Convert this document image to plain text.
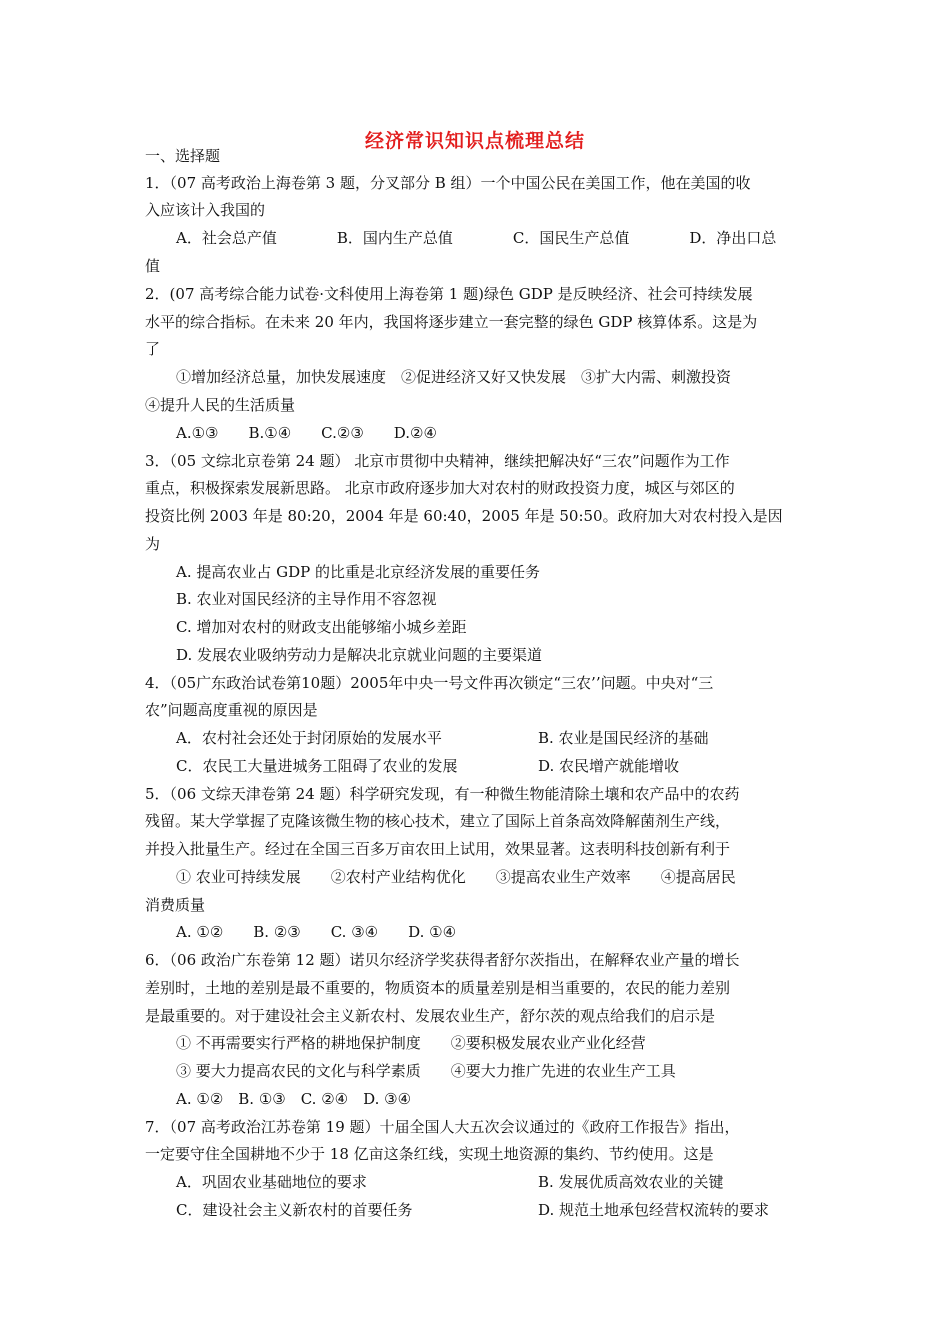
经济常识知识点梳理总结
一、选择题
1．（07 高考政治上海卷第 3 题，分叉部分 B 组）一个中国公民在美国工作，他在美国的收
入应该计入我国的
A．社会总产值　　　　B．国内生产总值　　　　C．国民生产总值　　　　D．净出口总
值
2．(07 高考综合能力试卷·文科使用上海卷第 1 题)绿色 GDP 是反映经济、社会可持续发展
水平的综合指标。在未来 20 年内，我国将逐步建立一套完整的绿色 GDP 核算体系。这是为
了
①增加经济总量，加快发展速度　②促进经济又好又快发展　③扩大内需、刺激投资
④提升人民的生活质量
A.①③　　B.①④　　C.②③　　D.②④
3．（05 文综北京卷第 24 题） 北京市贯彻中央精神，继续把解决好“三农”问题作为工作
重点，积极探索发展新思路。 北京市政府逐步加大对农村的财政投资力度，城区与郊区的
投资比例 2003 年是 80:20，2004 年是 60:40，2005 年是 50:50。政府加大对农村投入是因
为
A. 提高农业占 GDP 的比重是北京经济发展的重要任务
B. 农业对国民经济的主导作用不容忽视
C. 增加对农村的财政支出能够缩小城乡差距
D. 发展农业吸纳劳动力是解决北京就业问题的主要渠道
4．（05广东政治试卷第10题）2005年中央一号文件再次锁定“三农’’问题。中央对“三
农”问题高度重视的原因是
A．农村社会还处于封闭原始的发展水平	B. 农业是国民经济的基础
C．农民工大量进城务工阻碍了农业的发展	D. 农民增产就能增收
5．（06 文综天津卷第 24 题）科学研究发现，有一种微生物能清除土壤和农产品中的农药
残留。某大学掌握了克隆该微生物的核心技术，建立了国际上首条高效降解菌剂生产线，
并投入批量生产。经过在全国三百多万亩农田上试用，效果显著。这表明科技创新有利于
① 农业可持续发展　　②农村产业结构优化　　③提高农业生产效率　　④提高居民
消费质量
A. ①②　　B. ②③　　C. ③④　　D. ①④
6．（06 政治广东卷第 12 题）诺贝尔经济学奖获得者舒尔茨指出，在解释农业产量的增长
差别时，土地的差别是最不重要的，物质资本的质量差别是相当重要的，农民的能力差别
是最重要的。对于建设社会主义新农村、发展农业生产，舒尔茨的观点给我们的启示是
① 不再需要实行严格的耕地保护制度　　②要积极发展农业产业化经营
③ 要大力提高农民的文化与科学素质　　④要大力推广先进的农业生产工具
A. ①②　B. ①③　C. ②④　D. ③④
7．（07 高考政治江苏卷第 19 题）十届全国人大五次会议通过的《政府工作报告》指出，
一定要守住全国耕地不少于 18 亿亩这条红线，实现土地资源的集约、节约使用。这是
A．巩固农业基础地位的要求	B. 发展优质高效农业的关键
C．建设社会主义新农村的首要任务	D. 规范土地承包经营权流转的要求
